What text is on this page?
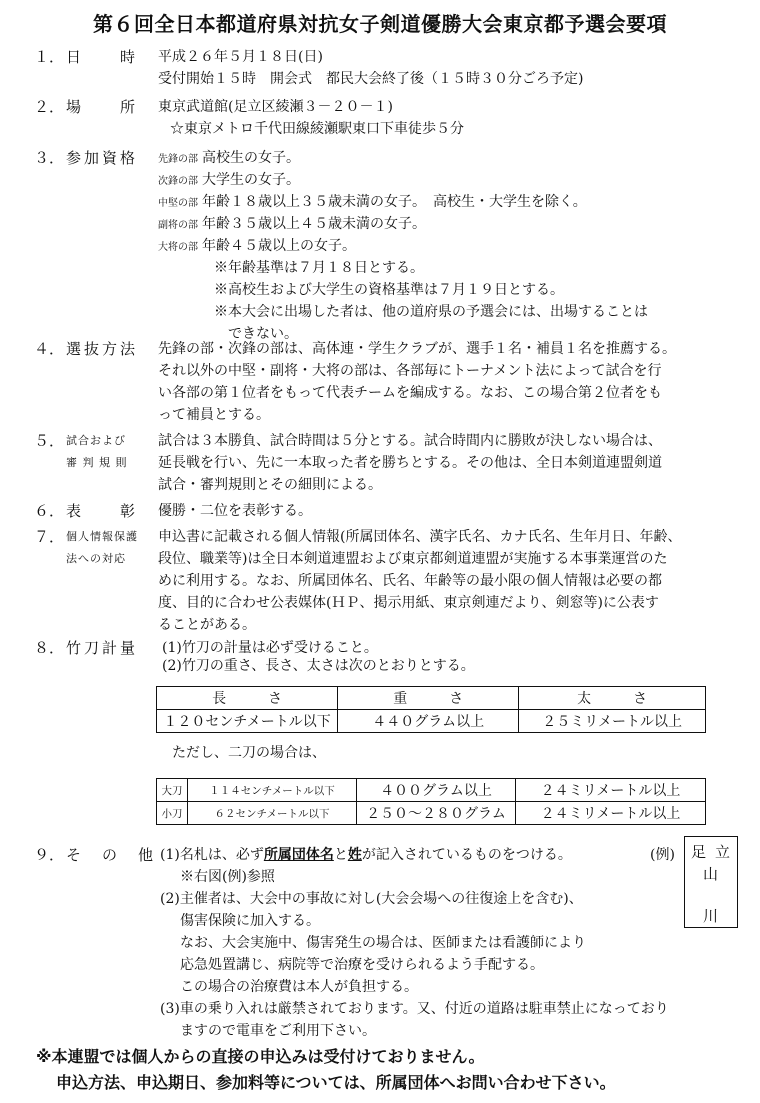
第６回全日本都道府県対抗女子剣道優勝大会東京都予選会要項
１． 日　　時 平成２６年５月１８日(日)
受付開始１５時　開会式　都民大会終了後（１５時３０分ごろ予定)
２． 場　　所 東京武道館(足立区綾瀬３－２０－１)
☆東京メトロ千代田線綾瀬駅東口下車徒歩５分
３． 参加資格 先鋒の部 高校生の女子。
次鋒の部 大学生の女子。
中堅の部 年齢１８歳以上３５歳未満の女子。　高校生・大学生を除く。
副将の部 年齢３５歳以上４５歳未満の女子。
大将の部 年齢４５歳以上の女子。
※年齢基準は７月１８日とする。
※高校生および大学生の資格基準は７月１９日とする。
※本大会に出場した者は、他の道府県の予選会には、出場することは
できない。
４． 選抜方法 先鋒の部・次鋒の部は、高体連・学生クラブが、選手１名・補員１名を推薦する。
それ以外の中堅・副将・大将の部は、各部毎にトーナメント法によって試合を行
い各部の第１位者をもって代表チームを編成する。なお、この場合第２位者をも
って補員とする。
５． 試合および
審 判 規 則
試合は３本勝負、試合時間は５分とする。試合時間内に勝敗が決しない場合は、
延長戦を行い、先に一本取った者を勝ちとする。その他は、全日本剣道連盟剣道
試合・審判規則とその細則による。
６． 表　　彰 優勝・二位を表彰する。
７． 個人情報保護
法への対応
申込書に記載される個人情報(所属団体名、漢字氏名、カナ氏名、生年月日、年齢、
段位、職業等)は全日本剣道連盟および東京都剣道連盟が実施する本事業運営のた
めに利用する。なお、所属団体名、氏名、年齢等の最小限の個人情報は必要の都
度、目的に合わせ公表媒体(ＨＰ、掲示用紙、東京剣連だより、剣窓等)に公表す
ることがある。
８． 竹刀計量 (1)竹刀の計量は必ず受けること。
(2)竹刀の重さ、長さ、太さは次のとおりとする。
長　　　さ	重　　　さ	太　　　さ
１２０センチメートル以下	４４０グラム以上	２５ミリメートル以上
ただし、二刀の場合は、
大刀	１１４センチメートル以下	４００グラム以上	２４ミリメートル以上
小刀	６２センチメートル以下	２５０～２８０グラム	２４ミリメートル以上
９． そ　の　他 (1)名札は、必ず所属団体名と姓が記入されているものをつける。
※右図(例)参照
(2)主催者は、大会中の事故に対し(大会会場への往復途上を含む)、
傷害保険に加入する。
なお、大会実施中、傷害発生の場合は、医師または看護師により
応急処置講じ、病院等で治療を受けられるよう手配する。
この場合の治療費は本人が負担する。
(3)車の乗り入れは厳禁されております。又、付近の道路は駐車禁止になっており
ますので電車をご利用下さい。
(例) 足 立
山
川
※本連盟では個人からの直接の申込みは受付けておりません。
申込方法、申込期日、参加料等については、所属団体へお問い合わせ下さい。
